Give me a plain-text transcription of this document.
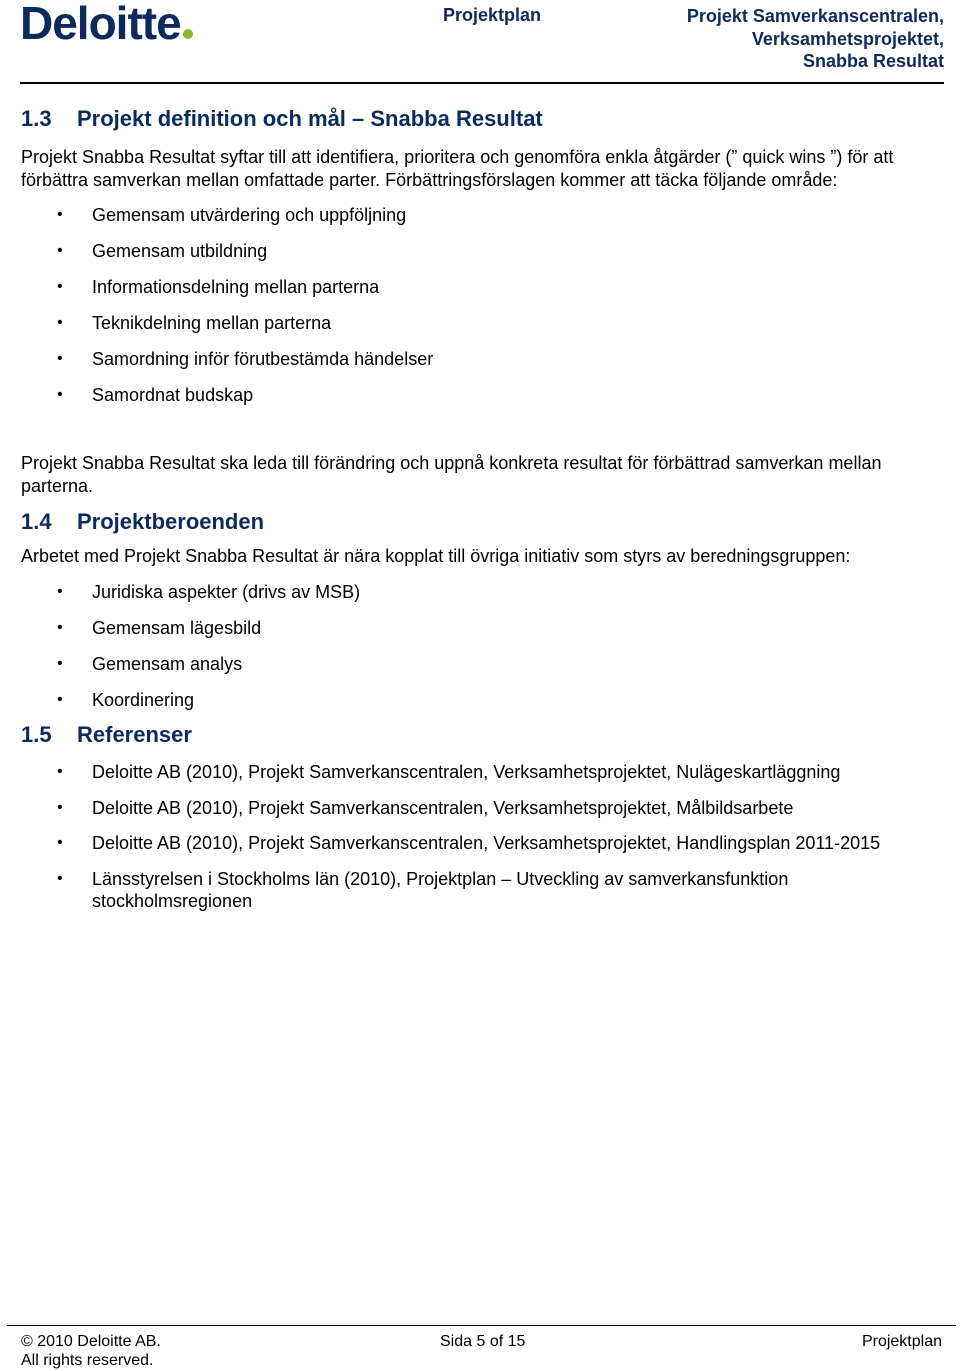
Deloitte	Projektplan	Projekt Samverkanscentralen,
Verksamhetsprojektet,
Snabba Resultat
1.3 Projekt definition och mål – Snabba Resultat

Projekt Snabba Resultat syftar till att identifiera, prioritera och genomföra enkla åtgärder (” quick wins ”) för att förbättra samverkan mellan omfattade parter. Förbättringsförslagen kommer att täcka följande område:

• Gemensam utvärdering och uppföljning
• Gemensam utbildning
• Informationsdelning mellan parterna
• Teknikdelning mellan parterna
• Samordning inför förutbestämda händelser
• Samordnat budskap

Projekt Snabba Resultat ska leda till förändring och uppnå konkreta resultat för förbättrad samverkan mellan parterna.

1.4 Projektberoenden

Arbetet med Projekt Snabba Resultat är nära kopplat till övriga initiativ som styrs av beredningsgruppen:

• Juridiska aspekter (drivs av MSB)
• Gemensam lägesbild
• Gemensam analys
• Koordinering
1.5 Referenser
• Deloitte AB (2010), Projekt Samverkanscentralen, Verksamhetsprojektet, Nulägeskartläggning
• Deloitte AB (2010), Projekt Samverkanscentralen, Verksamhetsprojektet, Målbildsarbete
• Deloitte AB (2010), Projekt Samverkanscentralen, Verksamhetsprojektet, Handlingsplan 2011-2015
• Länsstyrelsen i Stockholms län (2010), Projektplan – Utveckling av samverkansfunktion stockholmsregionen
© 2010 Deloitte AB.
All rights reserved.
Sida 5 of 15	Projektplan
